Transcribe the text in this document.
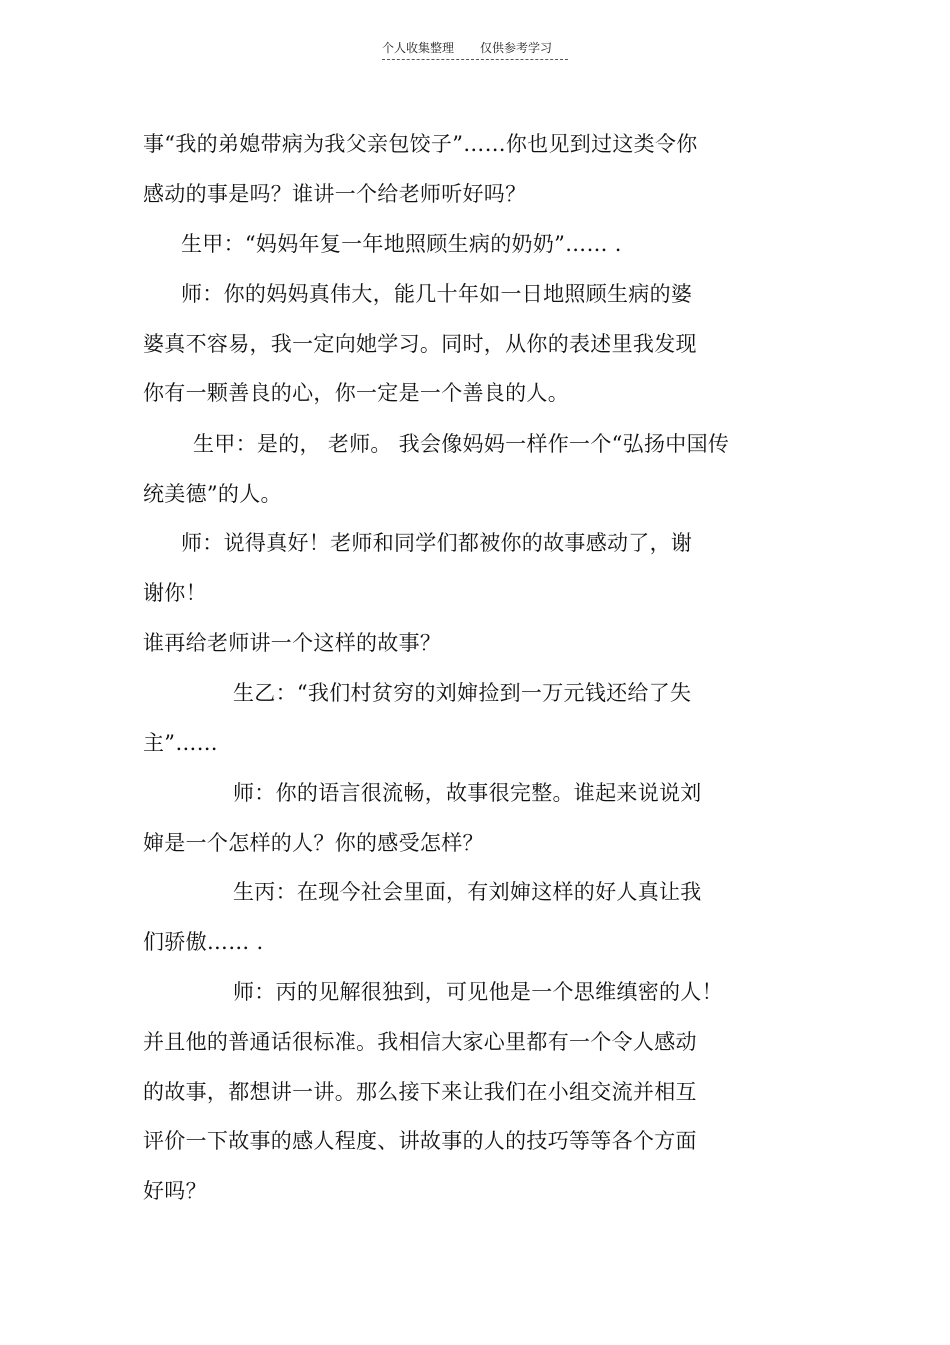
个人收集整理 仅供参考学习
事“我的弟媳带病为我父亲包饺子”……你也见到过这类令你
感动的事是吗？谁讲一个给老师听好吗？
生甲：“妈妈年复一年地照顾生病的奶奶”…… .
师：你的妈妈真伟大，能几十年如一日地照顾生病的婆
婆真不容易，我一定向她学习。同时，从你的表述里我发现
你有一颗善良的心，你一定是一个善良的人。
生甲：是的， 老师。 我会像妈妈一样作一个“弘扬中国传
统美德”的人。
师：说得真好！老师和同学们都被你的故事感动了，谢
谢你！
谁再给老师讲一个这样的故事？
生乙：“我们村贫穷的刘婶捡到一万元钱还给了失
主”……
师：你的语言很流畅，故事很完整。谁起来说说刘
婶是一个怎样的人？你的感受怎样？
生丙：在现今社会里面，有刘婶这样的好人真让我
们骄傲…… .
师：丙的见解很独到，可见他是一个思维缜密的人！
并且他的普通话很标准。我相信大家心里都有一个令人感动
的故事，都想讲一讲。那么接下来让我们在小组交流并相互
评价一下故事的感人程度、讲故事的人的技巧等等各个方面
好吗？
